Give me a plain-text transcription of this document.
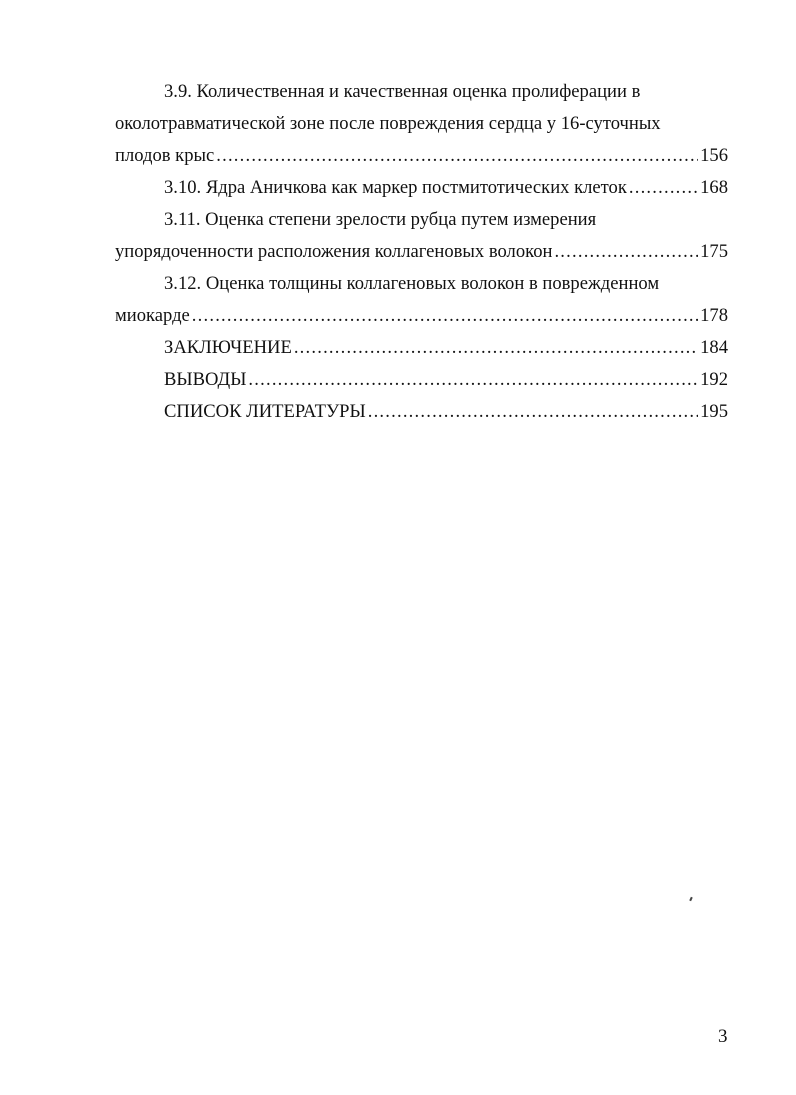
3.9. Количественная и качественная оценка пролиферации в
околотравматической зоне после повреждения сердца у 16-суточных
плодов крыс .....	156
3.10. Ядра Аничкова как маркер постмитотических клеток .....	168
3.11. Оценка степени зрелости рубца путем измерения
упорядоченности расположения коллагеновых волокон .....	175
3.12. Оценка толщины коллагеновых волокон в поврежденном
миокарде .....	178
ЗАКЛЮЧЕНИЕ .....	184
ВЫВОДЫ .....	192
СПИСОК ЛИТЕРАТУРЫ .....	195
3
